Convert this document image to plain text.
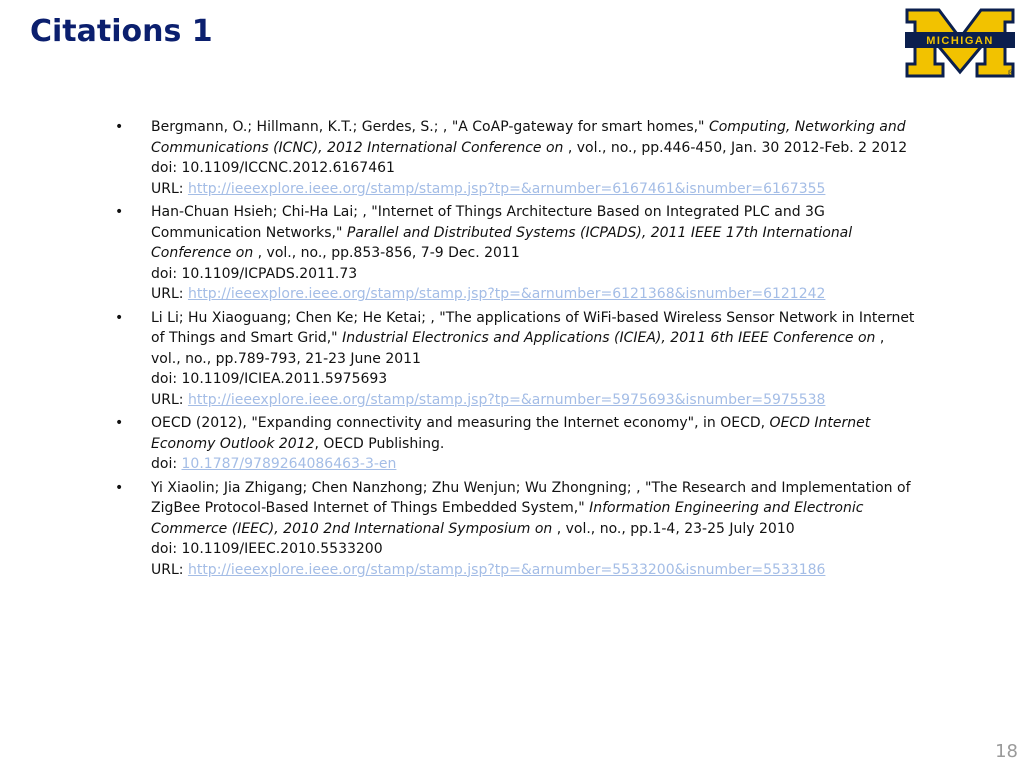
Citations 1	MICHIGAN
®
• Bergmann, O.; Hillmann, K.T.; Gerdes, S.; , "A CoAP-gateway for smart homes," Computing, Networking and Communications (ICNC), 2012 International Conference on , vol., no., pp.446-450, Jan. 30 2012-Feb. 2 2012
doi: 10.1109/ICCNC.2012.6167461
URL: http://ieeexplore.ieee.org/stamp/stamp.jsp?tp=&arnumber=6167461&isnumber=6167355
• Han-Chuan Hsieh; Chi-Ha Lai; , "Internet of Things Architecture Based on Integrated PLC and 3G Communication Networks," Parallel and Distributed Systems (ICPADS), 2011 IEEE 17th International Conference on , vol., no., pp.853-856, 7-9 Dec. 2011
doi: 10.1109/ICPADS.2011.73
URL: http://ieeexplore.ieee.org/stamp/stamp.jsp?tp=&arnumber=6121368&isnumber=6121242
• Li Li; Hu Xiaoguang; Chen Ke; He Ketai; , "The applications of WiFi-based Wireless Sensor Network in Internet of Things and Smart Grid," Industrial Electronics and Applications (ICIEA), 2011 6th IEEE Conference on , vol., no., pp.789-793, 21-23 June 2011
doi: 10.1109/ICIEA.2011.5975693
URL: http://ieeexplore.ieee.org/stamp/stamp.jsp?tp=&arnumber=5975693&isnumber=5975538
• OECD (2012), "Expanding connectivity and measuring the Internet economy", in OECD, OECD Internet Economy Outlook 2012, OECD Publishing.
doi: 10.1787/9789264086463-3-en
• Yi Xiaolin; Jia Zhigang; Chen Nanzhong; Zhu Wenjun; Wu Zhongning; , "The Research and Implementation of ZigBee Protocol-Based Internet of Things Embedded System," Information Engineering and Electronic Commerce (IEEC), 2010 2nd International Symposium on , vol., no., pp.1-4, 23-25 July 2010
doi: 10.1109/IEEC.2010.5533200
URL: http://ieeexplore.ieee.org/stamp/stamp.jsp?tp=&arnumber=5533200&isnumber=5533186
18
